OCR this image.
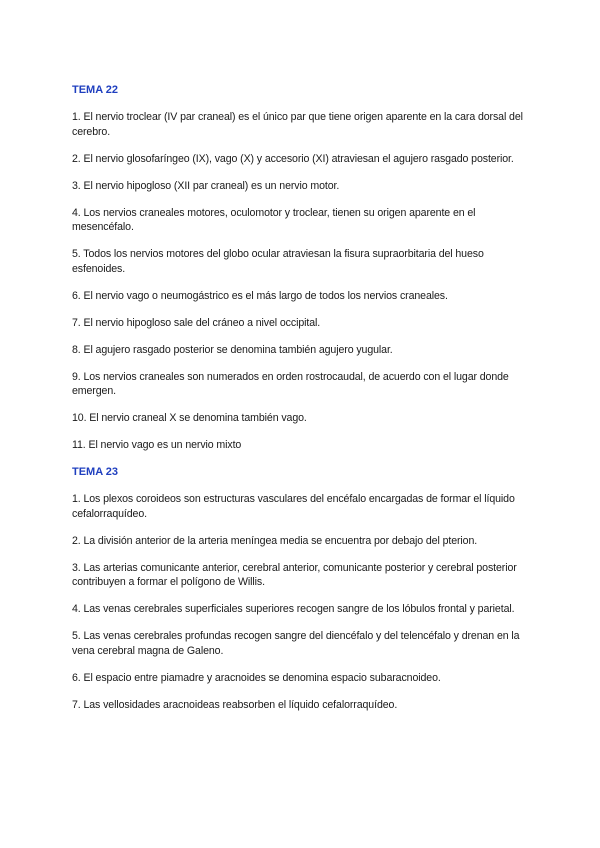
TEMA 22

1. El nervio troclear (IV par craneal) es el único par que tiene origen aparente en la cara dorsal del cerebro.

2. El nervio glosofaríngeo (IX), vago (X) y accesorio (XI) atraviesan el agujero rasgado posterior.

3. El nervio hipogloso (XII par craneal) es un nervio motor.

4. Los nervios craneales motores, oculomotor y troclear, tienen su origen aparente en el mesencéfalo.

5. Todos los nervios motores del globo ocular atraviesan la fisura supraorbitaria del hueso esfenoides.

6. El nervio vago o neumogástrico es el más largo de todos los nervios craneales.

7. El nervio hipogloso sale del cráneo a nivel occipital.

8. El agujero rasgado posterior se denomina también agujero yugular.

9. Los nervios craneales son numerados en orden rostrocaudal, de acuerdo con el lugar donde emergen.

10. El nervio craneal X se denomina también vago.

11. El nervio vago es un nervio mixto

TEMA 23

1. Los plexos coroideos son estructuras vasculares del encéfalo encargadas de formar el líquido cefalorraquídeo.

2. La división anterior de la arteria meníngea media se encuentra por debajo del pterion.

3. Las arterias comunicante anterior, cerebral anterior, comunicante posterior y cerebral posterior contribuyen a formar el polígono de Willis.

4. Las venas cerebrales superficiales superiores recogen sangre de los lóbulos frontal y parietal.

5. Las venas cerebrales profundas recogen sangre del diencéfalo y del telencéfalo y drenan en la vena cerebral magna de Galeno.

6. El espacio entre piamadre y aracnoides se denomina espacio subaracnoideo.

7. Las vellosidades aracnoideas reabsorben el líquido cefalorraquídeo.
